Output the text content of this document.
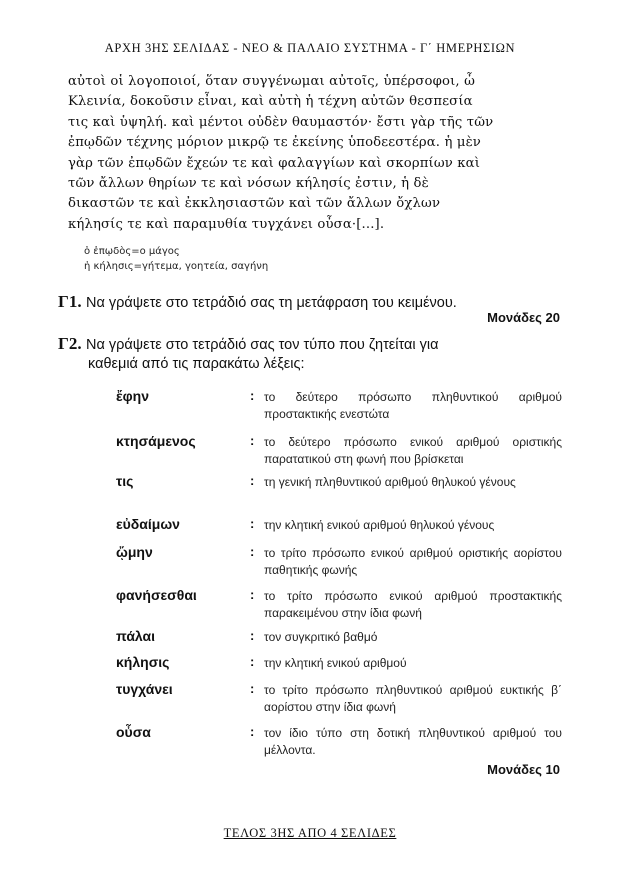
ΑΡΧΗ 3ΗΣ ΣΕΛΙΔΑΣ - ΝΕΟ & ΠΑΛΑΙΟ ΣΥΣΤΗΜΑ - Γ΄ ΗΜΕΡΗΣΙΩΝ
αὐτοὶ οἱ λογοποιοί, ὅταν συγγένωμαι αὐτοῖς, ὑπέρσοφοι, ὦ
Κλεινία, δοκοῦσιν εἶναι, καὶ αὐτὴ ἡ τέχνη αὐτῶν θεσπεσία
τις καὶ ὑψηλή. καὶ μέντοι οὐδὲν θαυμαστόν· ἔστι γὰρ τῆς τῶν
ἐπῳδῶν τέχνης μόριον μικρῷ τε ἐκείνης ὑποδεεστέρα. ἡ μὲν
γὰρ τῶν ἐπῳδῶν ἔχεών τε καὶ φαλαγγίων καὶ σκορπίων καὶ
τῶν ἄλλων θηρίων τε καὶ νόσων κήλησίς ἐστιν, ἡ δὲ
δικαστῶν τε καὶ ἐκκλησιαστῶν καὶ τῶν ἄλλων ὄχλων
κήλησίς τε καὶ παραμυθία τυγχάνει οὖσα·[...].
ὁ ἐπῳδὸς=ο μάγος
ἡ κήλησις=γήτεμα, γοητεία, σαγήνη
Γ1. Να γράψετε στο τετράδιό σας τη μετάφραση του κειμένου.
Μονάδες 20
Γ2. Να γράψετε στο τετράδιό σας τον τύπο που ζητείται για
καθεμιά από τις παρακάτω λέξεις:
ἔφην	: το δεύτερο πρόσωπο πληθυντικού αριθμού προστακτικής ενεστώτα
κτησάμενος	: το δεύτερο πρόσωπο ενικού αριθμού οριστικής παρατατικού στη φωνή που βρίσκεται
τις	: τη γενική πληθυντικού αριθμού θηλυκού γένους
εὐδαίμων	: την κλητική ενικού αριθμού θηλυκού γένους
ᾤμην	: το τρίτο πρόσωπο ενικού αριθμού οριστικής αορίστου παθητικής φωνής
φανήσεσθαι	: το τρίτο πρόσωπο ενικού αριθμού προστακτικής παρακειμένου στην ίδια φωνή
πάλαι	: τον συγκριτικό βαθμό
κήλησις	: την κλητική ενικού αριθμού
τυγχάνει	: το τρίτο πρόσωπο πληθυντικού αριθμού ευκτικής β΄ αορίστου στην ίδια φωνή
οὖσα	: τον ίδιο τύπο στη δοτική πληθυντικού αριθμού του μέλλοντα.
Μονάδες 10
ΤΕΛΟΣ 3ΗΣ ΑΠΟ 4 ΣΕΛΙΔΕΣ
